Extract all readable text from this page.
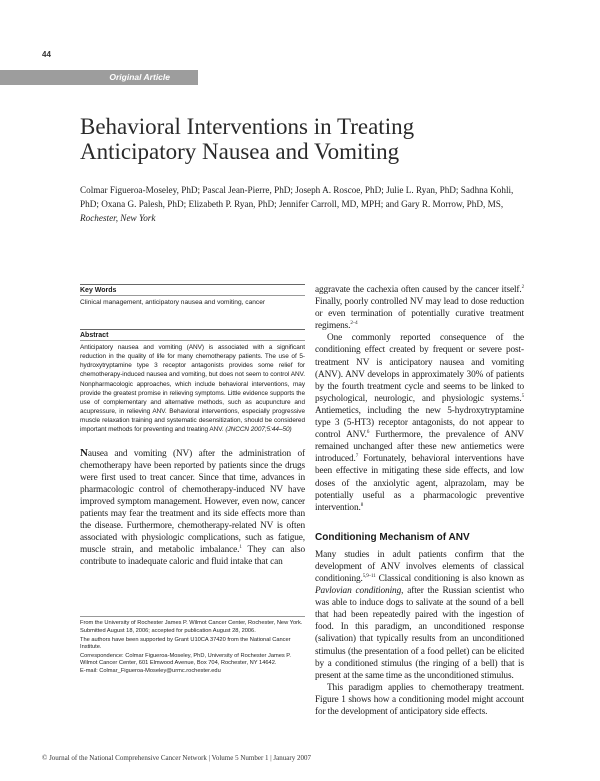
44
Original Article
Behavioral Interventions in Treating Anticipatory Nausea and Vomiting
Colmar Figueroa-Moseley, PhD; Pascal Jean-Pierre, PhD; Joseph A. Roscoe, PhD; Julie L. Ryan, PhD; Sadhna Kohli, PhD; Oxana G. Palesh, PhD; Elizabeth P. Ryan, PhD; Jennifer Carroll, MD, MPH; and Gary R. Morrow, PhD, MS, Rochester, New York
Key Words
Clinical management, anticipatory nausea and vomiting, cancer
Abstract
Anticipatory nausea and vomiting (ANV) is associated with a significant reduction in the quality of life for many chemotherapy patients. The use of 5-hydroxytryptamine type 3 receptor antagonists provides some relief for chemotherapy-induced nausea and vomiting, but does not seem to control ANV. Nonpharmacologic approaches, which include behavioral interventions, may provide the greatest promise in relieving symptoms. Little evidence supports the use of complementary and alternative methods, such as acupuncture and acupressure, in relieving ANV. Behavioral interventions, especially progressive muscle relaxation training and systematic desensitization, should be considered important methods for preventing and treating ANV. (JNCCN 2007;5:44–50)
Nausea and vomiting (NV) after the administration of chemotherapy have been reported by patients since the drugs were first used to treat cancer. Since that time, advances in pharmacologic control of chemotherapy-induced NV have improved symptom management. However, even now, cancer patients may fear the treatment and its side effects more than the disease. Furthermore, chemotherapy-related NV is often associated with physiologic complications, such as fatigue, muscle strain, and metabolic imbalance.$^1$ They can also contribute to inadequate caloric and fluid intake that can

From the University of Rochester James P. Wilmot Cancer Center, Rochester, New York.

Submitted August 18, 2006; accepted for publication August 28, 2006.

The authors have been supported by Grant U10CA 37420 from the National Cancer Institute.

Correspondence: Colmar Figueroa-Moseley, PhD, University of Rochester James P. Wilmot Cancer Center, 601 Elmwood Avenue, Box 704, Rochester, NY 14642.

E-mail: Colmar_Figueroa-Moseley@urmc.rochester.edu

aggravate the cachexia often caused by the cancer itself.$^2$ Finally, poorly controlled NV may lead to dose reduction or even termination of potentially curative treatment regimens.$^{2-4}$

One commonly reported consequence of the conditioning effect created by frequent or severe post-treatment NV is anticipatory nausea and vomiting (ANV). ANV develops in approximately 30% of patients by the fourth treatment cycle and seems to be linked to psychological, neurologic, and physiologic systems.$^5$ Antiemetics, including the new 5-hydroxytryptamine type 3 (5-HT3) receptor antagonists, do not appear to control ANV.$^6$ Furthermore, the prevalence of ANV remained unchanged after these new antiemetics were introduced.$^7$ Fortunately, behavioral interventions have been effective in mitigating these side effects, and low doses of the anxiolytic agent, alprazolam, may be potentially useful as a pharmacologic preventive intervention.$^8$

Conditioning Mechanism of ANV

Many studies in adult patients confirm that the development of ANV involves elements of classical conditioning.$^{5,9-11}$ Classical conditioning is also known as Pavlovian conditioning, after the Russian scientist who was able to induce dogs to salivate at the sound of a bell that had been repeatedly paired with the ingestion of food. In this paradigm, an unconditioned response (salivation) that typically results from an unconditioned stimulus (the presentation of a food pellet) can be elicited by a conditioned stimulus (the ringing of a bell) that is present at the same time as the unconditioned stimulus.

This paradigm applies to chemotherapy treatment. Figure 1 shows how a conditioning model might account for the development of anticipatory side effects.

© Journal of the National Comprehensive Cancer Network | Volume 5 Number 1 | January 2007
